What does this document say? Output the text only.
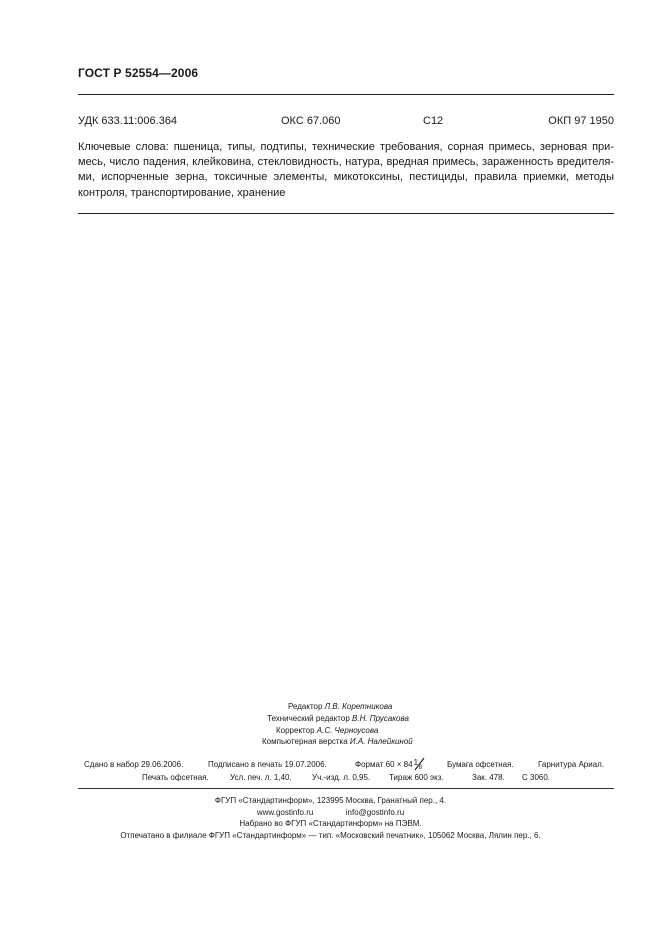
ГОСТ Р 52554—2006
УДК 633.11:006.364	ОКС 67.060	С12	ОКП 97 1950
Ключевые слова: пшеница, типы, подтипы, технические требования, сорная примесь, зерновая при-
месь, число падения, клейковина, стекловидность, натура, вредная примесь, зараженность вредителя-
ми, испорченные зерна, токсичные элементы, микотоксины, пестициды, правила приемки, методы
контроля, транспортирование, хранение
Редактор Л.В. Коретникова
Технический редактор В.Н. Прусакова
Корректор А.С. Черноусова
Компьютерная верстка И.А. Налейкиной
Сдано в набор 29.06.2006.	Подписано в печать 19.07.2006.	Формат 60 × 84 1
8	Бумага офсетная.	Гарнитура Ариал.
Печать офсетная.	Усл. печ. л. 1,40.	Уч.-изд. л. 0,95. Тираж 600 экз.	Зак. 478. С 3060.
ФГУП «Стандартинформ», 123995 Москва, Гранатный пер., 4.
www.gostinfo.ru	info@gostinfo.ru
Набрано во ФГУП «Стандартинформ» на ПЭВМ.
Отпечатано в филиале ФГУП «Стандартинформ» — тип. «Московский печатник», 105062 Москва, Лялин пер., 6.
